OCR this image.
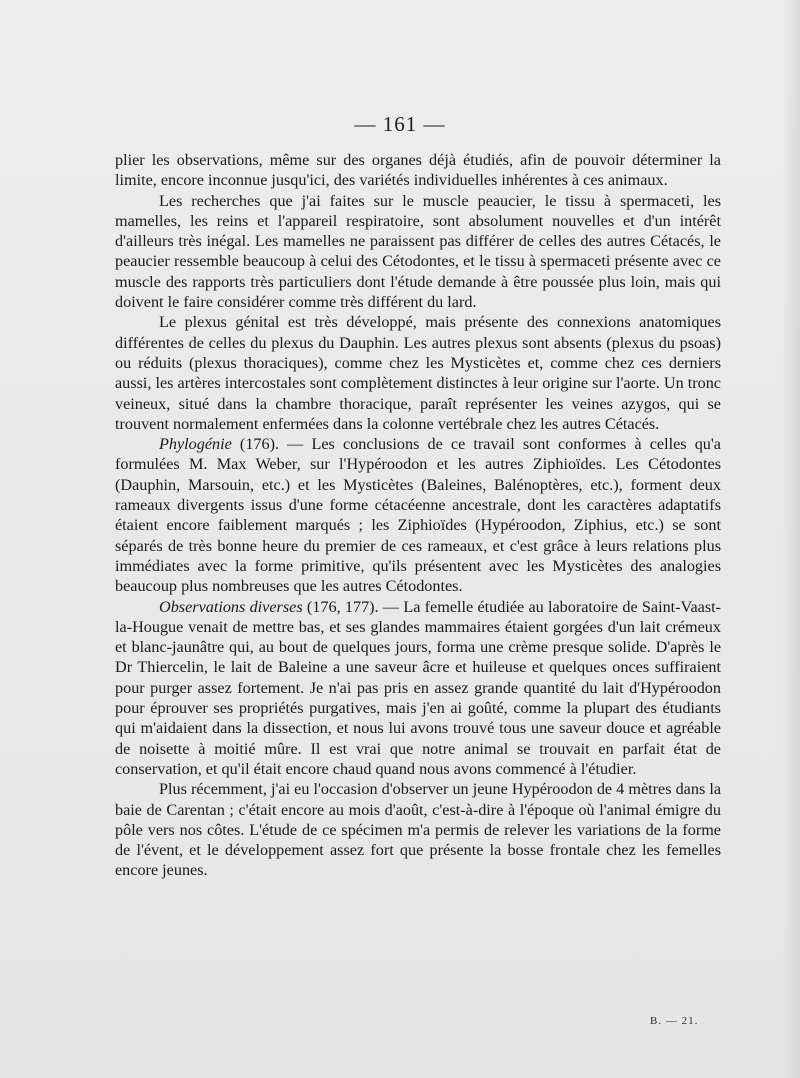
— 161 —

plier les observations, même sur des organes déjà étudiés, afin de pouvoir déterminer la limite, encore inconnue jusqu'ici, des variétés individuelles inhérentes à ces animaux.

Les recherches que j'ai faites sur le muscle peaucier, le tissu à spermaceti, les mamelles, les reins et l'appareil respiratoire, sont absolument nouvelles et d'un intérêt d'ailleurs très inégal. Les mamelles ne paraissent pas différer de celles des autres Cétacés, le peaucier ressemble beaucoup à celui des Cétodontes, et le tissu à spermaceti présente avec ce muscle des rapports très particuliers dont l'étude demande à être poussée plus loin, mais qui doivent le faire considérer comme très différent du lard.

Le plexus génital est très développé, mais présente des connexions anatomiques différentes de celles du plexus du Dauphin. Les autres plexus sont absents (plexus du psoas) ou réduits (plexus thoraciques), comme chez les Mysticètes et, comme chez ces derniers aussi, les artères intercostales sont complètement distinctes à leur origine sur l'aorte. Un tronc veineux, situé dans la chambre thoracique, paraît représenter les veines azygos, qui se trouvent normalement enfermées dans la colonne vertébrale chez les autres Cétacés.

Phylogénie (176). — Les conclusions de ce travail sont conformes à celles qu'a formulées M. Max Weber, sur l'Hypéroodon et les autres Ziphioïdes. Les Cétodontes (Dauphin, Marsouin, etc.) et les Mysticètes (Baleines, Balénoptères, etc.), forment deux rameaux divergents issus d'une forme cétacéenne ancestrale, dont les caractères adaptatifs étaient encore faiblement marqués ; les Ziphioïdes (Hypéroodon, Ziphius, etc.) se sont séparés de très bonne heure du premier de ces rameaux, et c'est grâce à leurs relations plus immédiates avec la forme primitive, qu'ils présentent avec les Mysticètes des analogies beaucoup plus nombreuses que les autres Cétodontes.

Observations diverses (176, 177). — La femelle étudiée au laboratoire de Saint-Vaast-la-Hougue venait de mettre bas, et ses glandes mammaires étaient gorgées d'un lait crémeux et blanc-jaunâtre qui, au bout de quelques jours, forma une crème presque solide. D'après le Dr Thiercelin, le lait de Baleine a une saveur âcre et huileuse et quelques onces suffiraient pour purger assez fortement. Je n'ai pas pris en assez grande quantité du lait d'Hypéroodon pour éprouver ses propriétés purgatives, mais j'en ai goûté, comme la plupart des étudiants qui m'aidaient dans la dissection, et nous lui avons trouvé tous une saveur douce et agréable de noisette à moitié mûre. Il est vrai que notre animal se trouvait en parfait état de conservation, et qu'il était encore chaud quand nous avons commencé à l'étudier.

Plus récemment, j'ai eu l'occasion d'observer un jeune Hypéroodon de 4 mètres dans la baie de Carentan ; c'était encore au mois d'août, c'est-à-dire à l'époque où l'animal émigre du pôle vers nos côtes. L'étude de ce spécimen m'a permis de relever les variations de la forme de l'évent, et le développement assez fort que présente la bosse frontale chez les femelles encore jeunes.

B. — 21.
